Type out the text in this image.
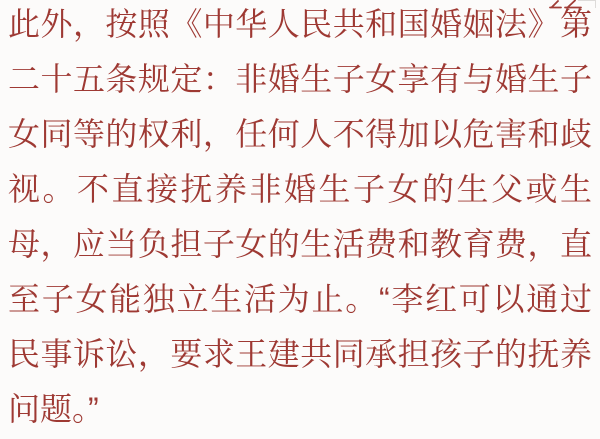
此外，按照《中华人民共和国婚姻法》第
二十五条规定：非婚生子女享有与婚生子
女同等的权利，任何人不得加以危害和歧
视。不直接抚养非婚生子女的生父或生
母，应当负担子女的生活费和教育费，直
至子女能独立生活为止。“李红可以通过
民事诉讼，要求王建共同承担孩子的抚养
问题。”
